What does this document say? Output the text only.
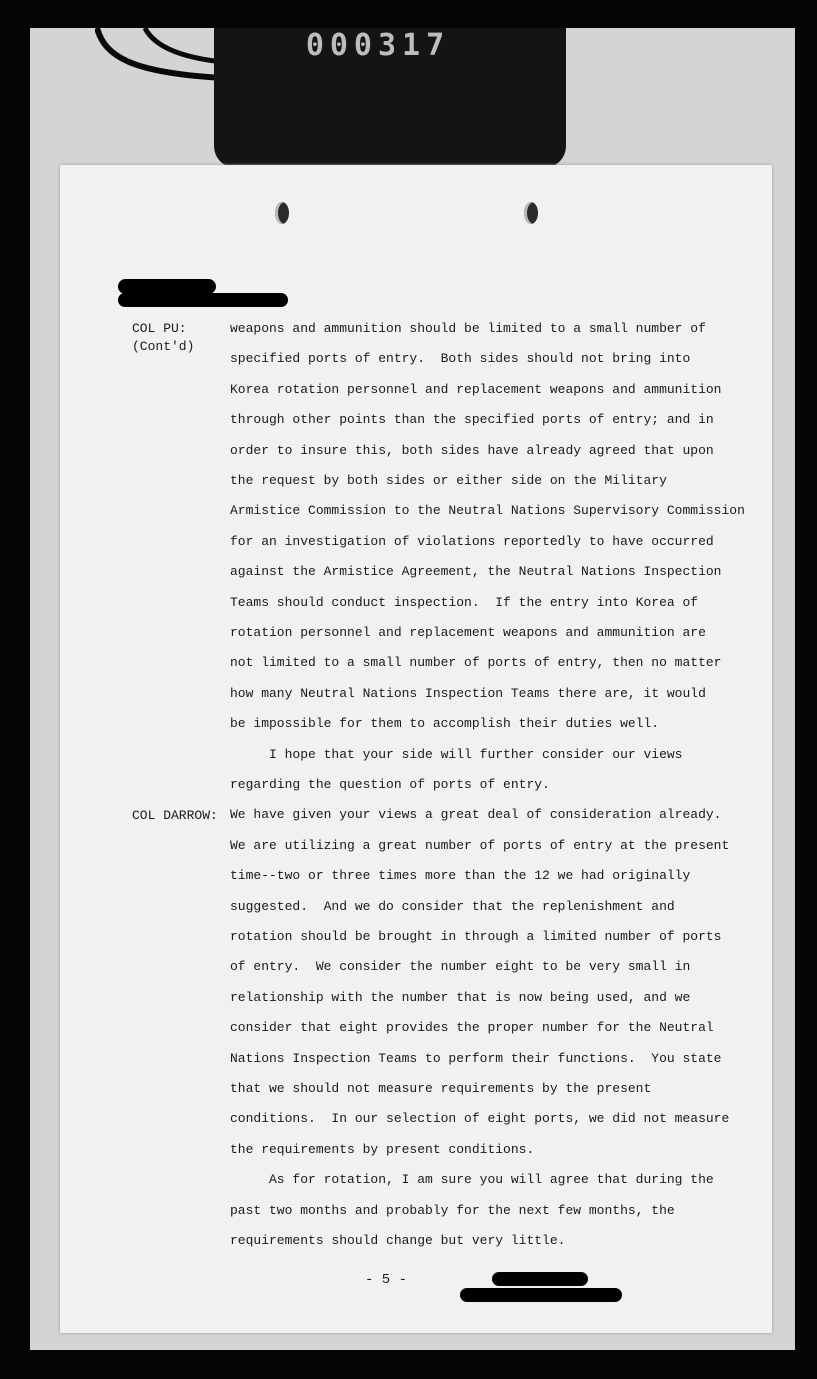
000317
COL PU:
(Cont'd)
COL DARROW:
weapons and ammunition should be limited to a small number of
specified ports of entry.  Both sides should not bring into
Korea rotation personnel and replacement weapons and ammunition
through other points than the specified ports of entry; and in
order to insure this, both sides have already agreed that upon
the request by both sides or either side on the Military
Armistice Commission to the Neutral Nations Supervisory Commission
for an investigation of violations reportedly to have occurred
against the Armistice Agreement, the Neutral Nations Inspection
Teams should conduct inspection.  If the entry into Korea of
rotation personnel and replacement weapons and ammunition are
not limited to a small number of ports of entry, then no matter
how many Neutral Nations Inspection Teams there are, it would
be impossible for them to accomplish their duties well.
I hope that your side will further consider our views
regarding the question of ports of entry.
We have given your views a great deal of consideration already.
We are utilizing a great number of ports of entry at the present
time--two or three times more than the 12 we had originally
suggested.  And we do consider that the replenishment and
rotation should be brought in through a limited number of ports
of entry.  We consider the number eight to be very small in
relationship with the number that is now being used, and we
consider that eight provides the proper number for the Neutral
Nations Inspection Teams to perform their functions.  You state
that we should not measure requirements by the present
conditions.  In our selection of eight ports, we did not measure
the requirements by present conditions.
As for rotation, I am sure you will agree that during the
past two months and probably for the next few months, the
requirements should change but very little.
- 5 -
